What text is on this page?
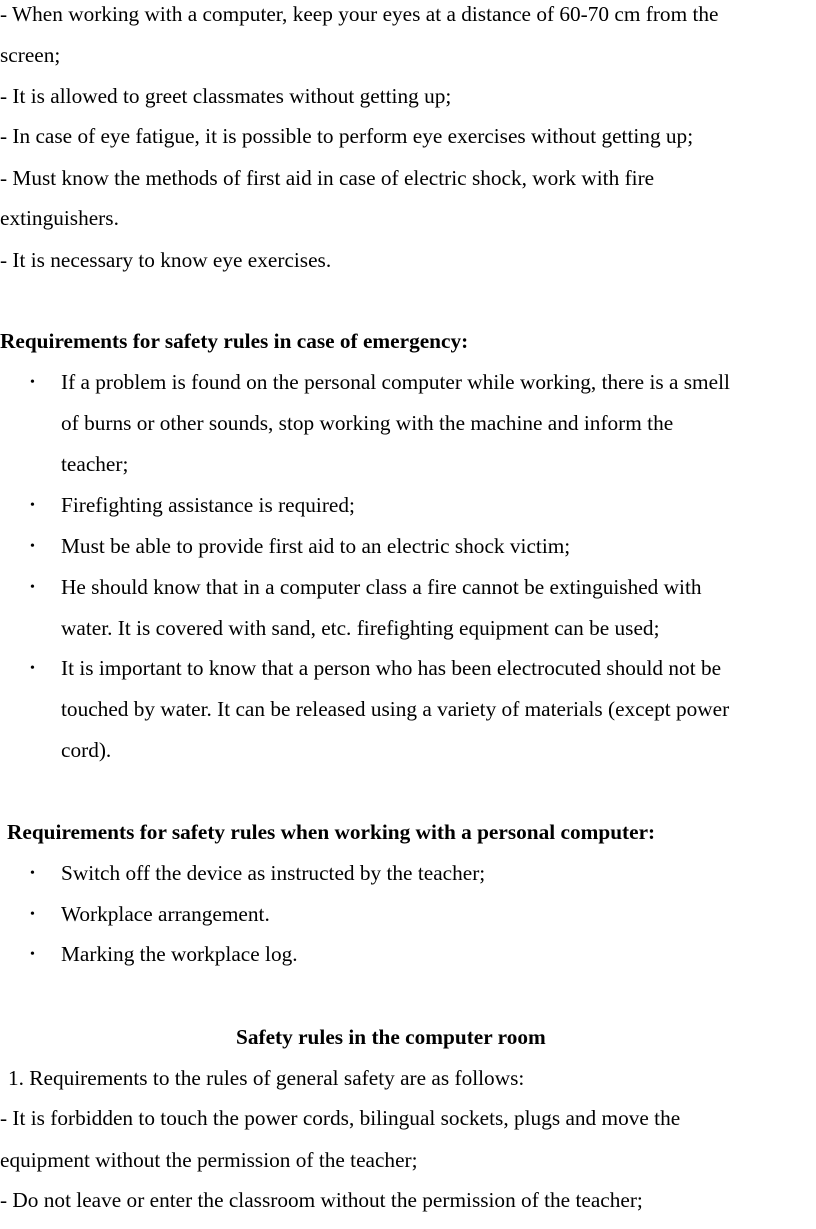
- When working with a computer, keep your eyes at a distance of 60-70 cm from the
screen;
- It is allowed to greet classmates without getting up;
- In case of eye fatigue, it is possible to perform eye exercises without getting up;
- Must know the methods of first aid in case of electric shock, work with fire
extinguishers.
- It is necessary to know eye exercises.
Requirements for safety rules in case of emergency:
• If a problem is found on the personal computer while working, there is a smell
of burns or other sounds, stop working with the machine and inform the
teacher;
• Firefighting assistance is required;
• Must be able to provide first aid to an electric shock victim;
• He should know that in a computer class a fire cannot be extinguished with
water. It is covered with sand, etc. firefighting equipment can be used;
• It is important to know that a person who has been electrocuted should not be
touched by water. It can be released using a variety of materials (except power
cord).
Requirements for safety rules when working with a personal computer:
• Switch off the device as instructed by the teacher;
• Workplace arrangement.
• Marking the workplace log.
Safety rules in the computer room
1. Requirements to the rules of general safety are as follows:
- It is forbidden to touch the power cords, bilingual sockets, plugs and move the
equipment without the permission of the teacher;
- Do not leave or enter the classroom without the permission of the teacher;
